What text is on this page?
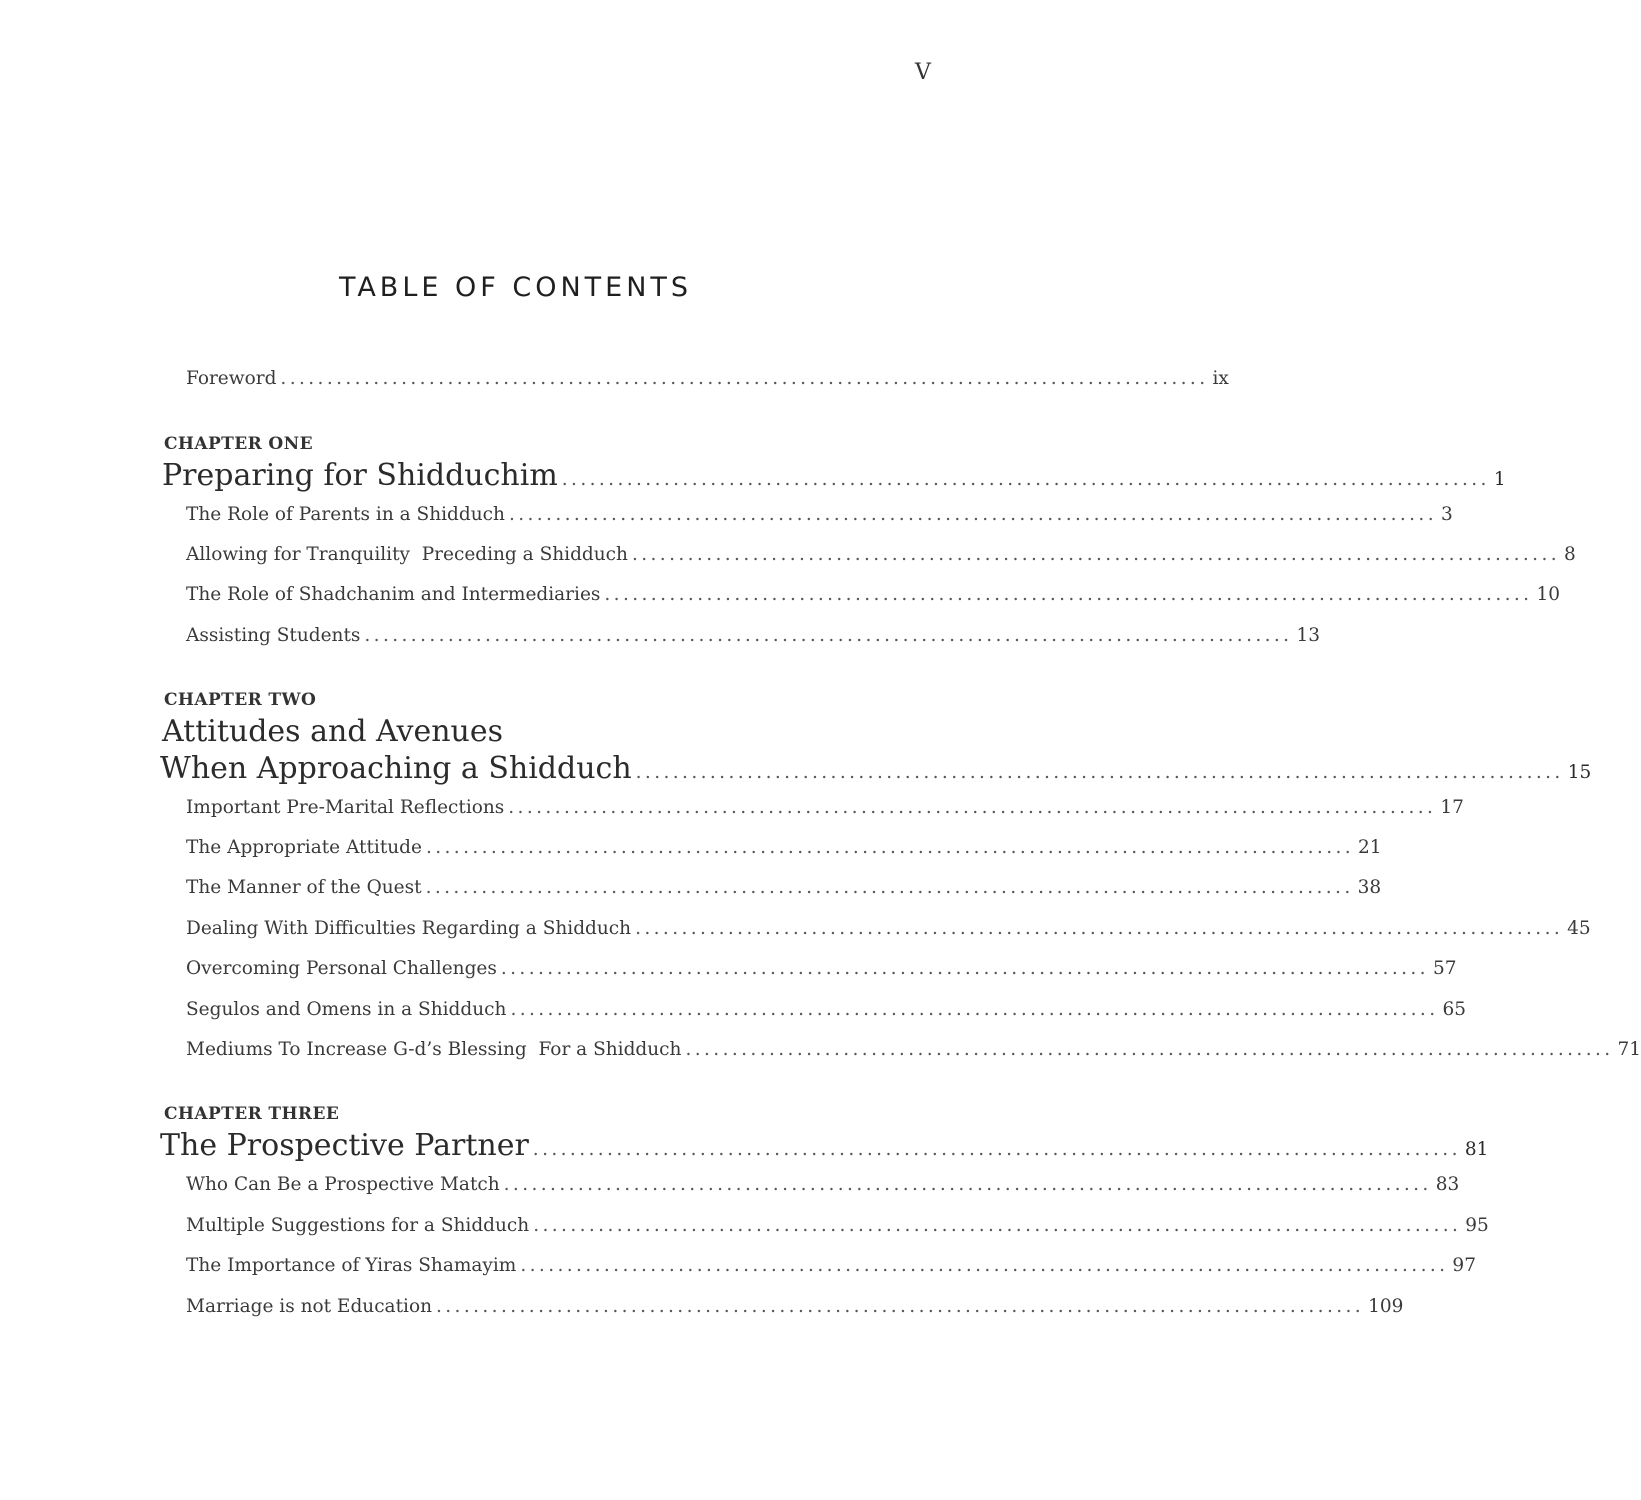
V
TABLE OF CONTENTS
Foreword .................................................................................................... ix
CHAPTER ONE
Preparing for Shidduchim .................................................................................................... 1
The Role of Parents in a Shidduch .................................................................................................... 3
Allowing for Tranquility  Preceding a Shidduch .................................................................................................... 8
The Role of Shadchanim and Intermediaries .................................................................................................... 10
Assisting Students .................................................................................................... 13
CHAPTER TWO
Attitudes and Avenues
When Approaching a Shidduch .................................................................................................... 15
Important Pre-Marital Reflections .................................................................................................... 17
The Appropriate Attitude .................................................................................................... 21
The Manner of the Quest .................................................................................................... 38
Dealing With Difficulties Regarding a Shidduch .................................................................................................... 45
Overcoming Personal Challenges .................................................................................................... 57
Segulos and Omens in a Shidduch .................................................................................................... 65
Mediums To Increase G-d’s Blessing  For a Shidduch .................................................................................................... 71
CHAPTER THREE
The Prospective Partner .................................................................................................... 81
Who Can Be a Prospective Match .................................................................................................... 83
Multiple Suggestions for a Shidduch .................................................................................................... 95
The Importance of Yiras Shamayim .................................................................................................... 97
Marriage is not Education .................................................................................................... 109
